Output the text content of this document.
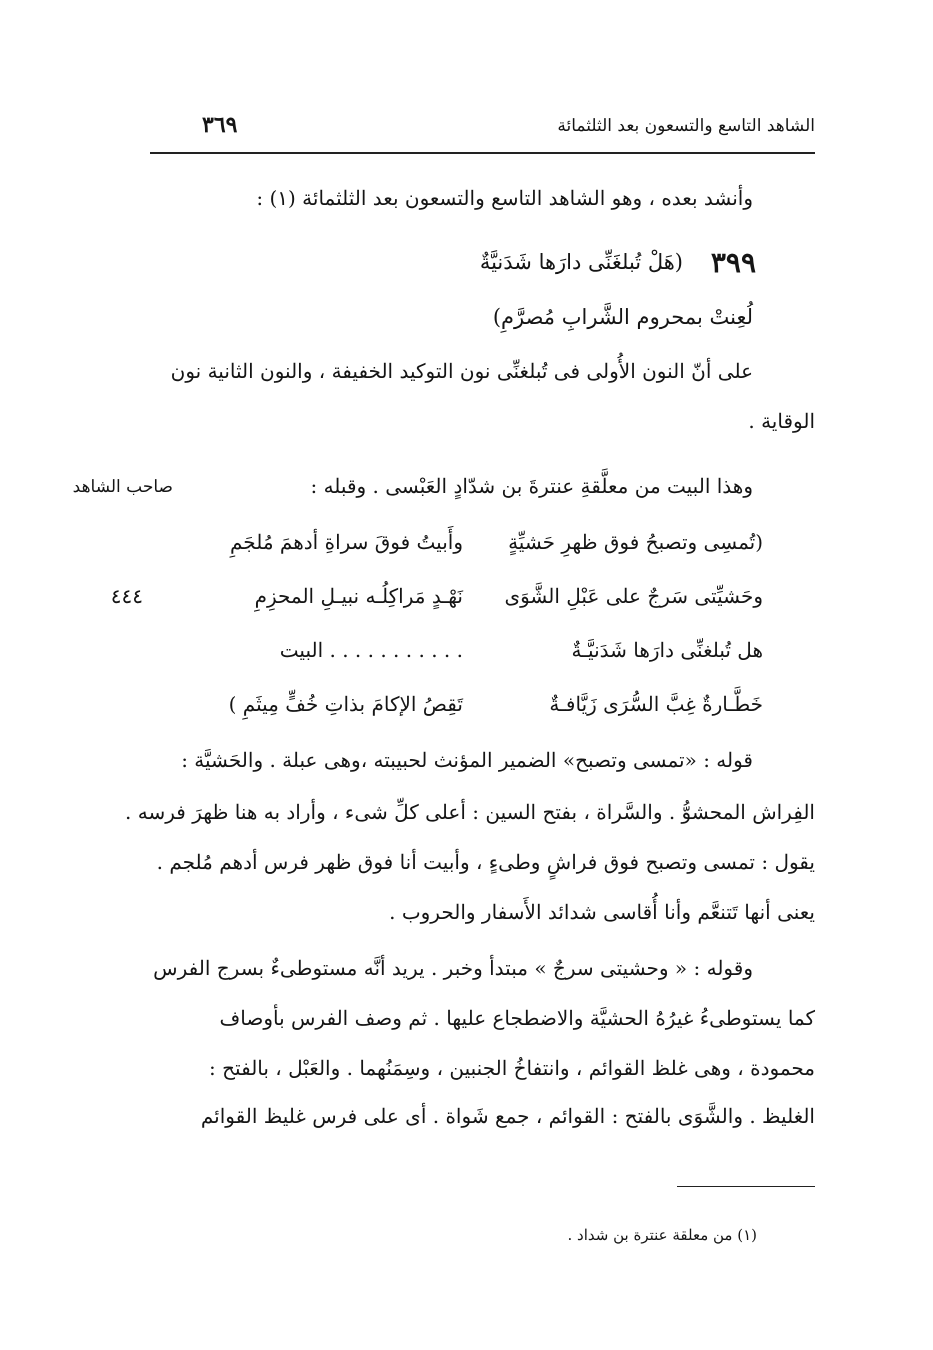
الشاهد التاسع والتسعون بعد الثلثمائة
٣٦٩
وأنشد بعده ، وهو الشاهد التاسع والتسعون بعد الثلثمائة (١) :
٣٩٩
(هَلْ تُبلغَنِّى دارَها شَدَنيَّةٌ
لُعِنتْ بمحروم الشَّرابِ مُصرَّمِ)
على أنّ النون الأُولى فى تُبلغنِّى نون التوكيد الخفيفة ، والنون الثانية نون
الوقاية .
وهذا البيت من معلَّقةِ عنترةَ بن شدّادٍ العَبْسى . وقبله :
صاحب الشاهد
(تُمسِى وتصبحُ فوق ظهرِ حَشيِّةٍ
وأَبيتُ فوقَ سراةِ أدهمَ مُلجَمِ
وحَشيِّتى سَرجٌ على عَبْلِ الشَّوَى
نَهْـدٍ مَراكِلُـه نبيـلِ المحزِمِ
٤٤٤
هل تُبلغنِّى دارَها شَدَنيَّـةٌ
. . . . . . . . . . . البيت
خَطَّـارةٌ غِبَّ السُّرَى زَيَّافـةٌ
تَقِصُ الإكامَ بذاتِ خُفٍّ مِيثَمِ )
قوله : «تمسى وتصبح» الضمير المؤنث لحبيبته ،وهى عبلة . والحَشيَّة :
الفِراش المحشوُّ . والسَّراة ، بفتح السين : أعلى كلِّ شىء ، وأراد به هنا ظهرَ فرسه .
يقول : تمسى وتصبح فوق فراشٍ وطىءٍ ، وأبيت أنا فوق ظهر فرس أدهم مُلجم .
يعنى أنها تَتنعَّم وأنا أُقاسى شدائد الأَسفار والحروب .
وقوله : « وحشيتى سرجٌ » مبتدأ وخبر . يريد أنَّه مستوطىءٌ بسرج الفرس
كما يستوطىءُ غيرُهُ الحشيَّة والاضطجاع عليها . ثم وصف الفرس بأوصاف
محمودة ، وهى غلظ القوائم ، وانتفاخُ الجنبين ، وسِمَنُهما . والعَبْل ، بالفتح :
الغليظ . والشَّوَى بالفتح : القوائم ، جمع شَواة . أى على فرس غليظ القوائم
(١) من معلقة عنترة بن شداد .
